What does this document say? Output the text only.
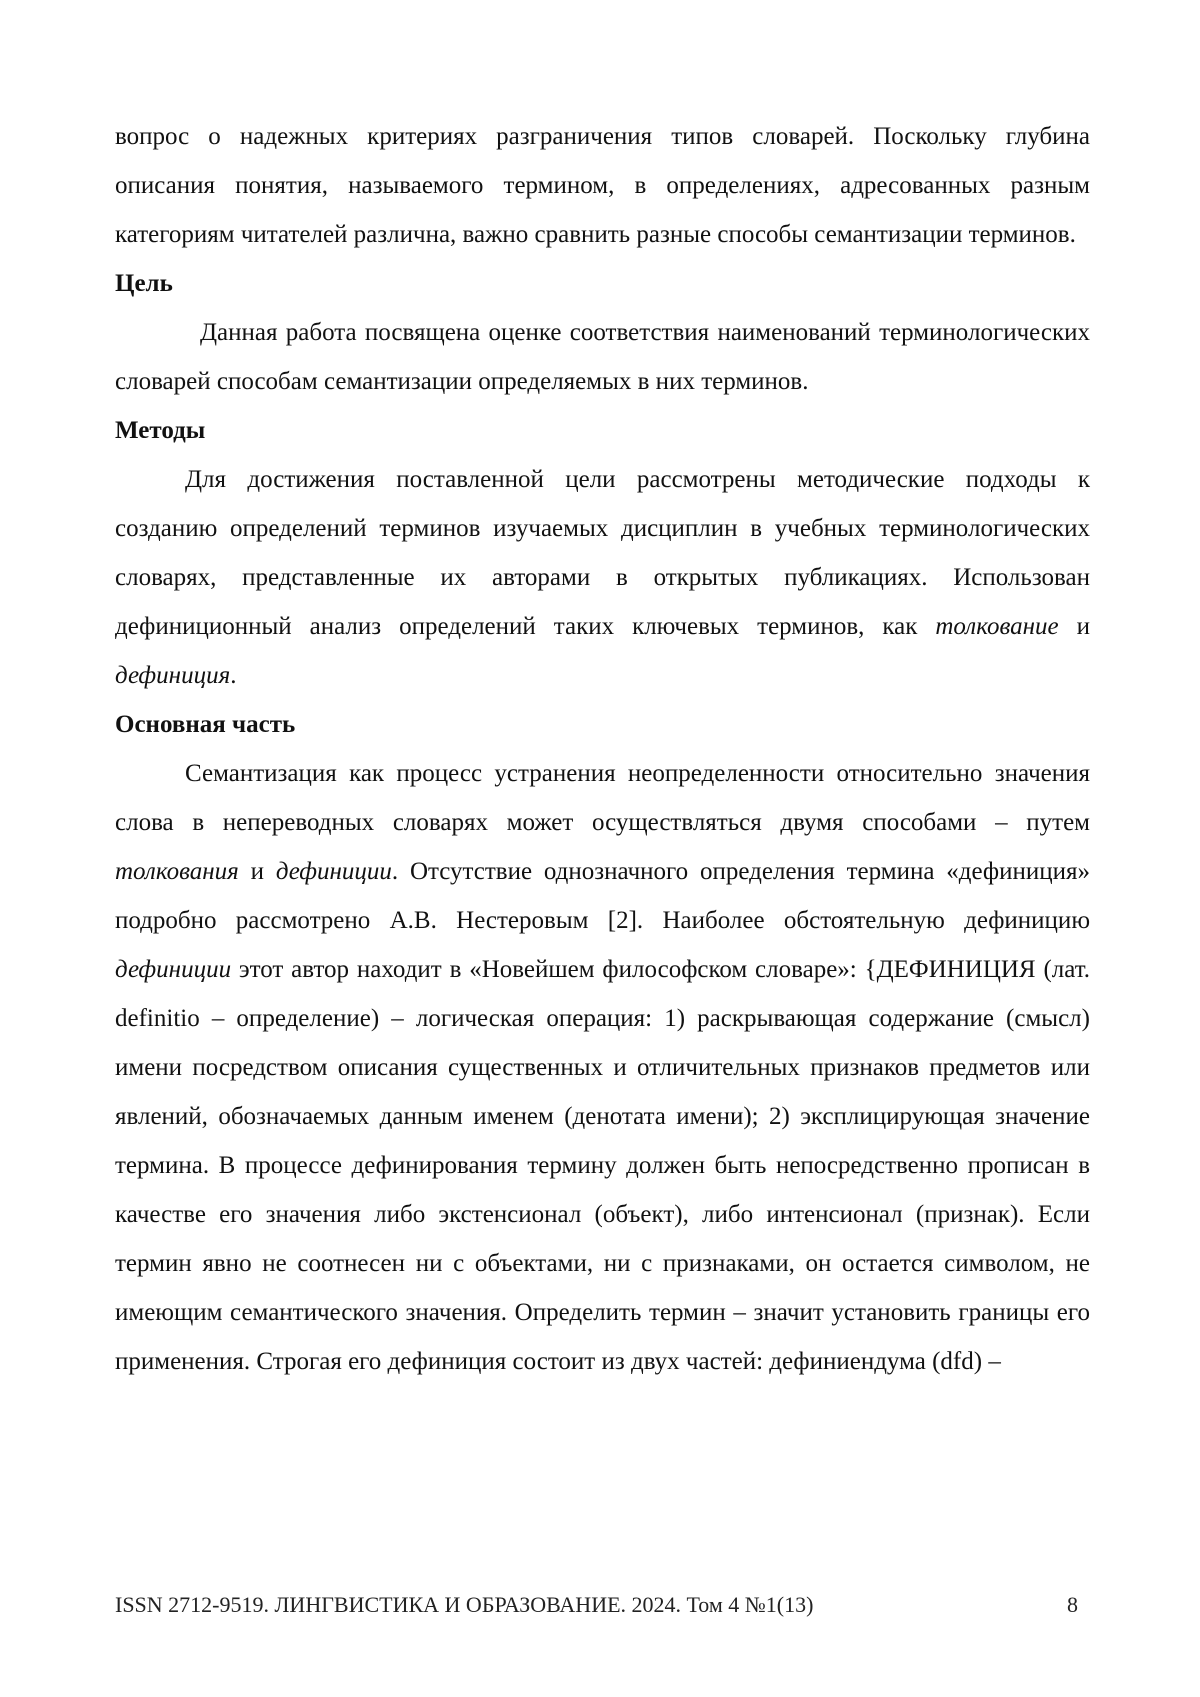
вопрос о надежных критериях разграничения типов словарей. Поскольку глубина описания понятия, называемого термином, в определениях, адресованных разным категориям читателей различна, важно сравнить разные способы семантизации терминов.

Цель

Данная работа посвящена оценке соответствия наименований терминологических словарей способам семантизации определяемых в них терминов.

Методы

Для достижения поставленной цели рассмотрены методические подходы к созданию определений терминов изучаемых дисциплин в учебных терминологических словарях, представленные их авторами в открытых публикациях. Использован дефиниционный анализ определений таких ключевых терминов, как толкование и дефиниция.

Основная часть

Семантизация как процесс устранения неопределенности относительно значения слова в непереводных словарях может осуществляться двумя способами – путем толкования и дефиниции. Отсутствие однозначного определения термина «дефиниция» подробно рассмотрено А.В. Нестеровым [2]. Наиболее обстоятельную дефиницию дефиниции этот автор находит в «Новейшем философском словаре»: {ДЕФИНИЦИЯ (лат. definitio – определение) – логическая операция: 1) раскрывающая содержание (смысл) имени посредством описания существенных и отличительных признаков предметов или явлений, обозначаемых данным именем (денотата имени); 2) эксплицирующая значение термина. В процессе дефинирования термину должен быть непосредственно прописан в качестве его значения либо экстенсионал (объект), либо интенсионал (признак). Если термин явно не соотнесен ни с объектами, ни с признаками, он остается символом, не имеющим семантического значения. Определить термин – значит установить границы его применения. Строгая его дефиниция состоит из двух частей: дефиниендума (dfd) –

ISSN 2712-9519. ЛИНГВИСТИКА И ОБРАЗОВАНИЕ. 2024. Том 4 №1(13)	8
